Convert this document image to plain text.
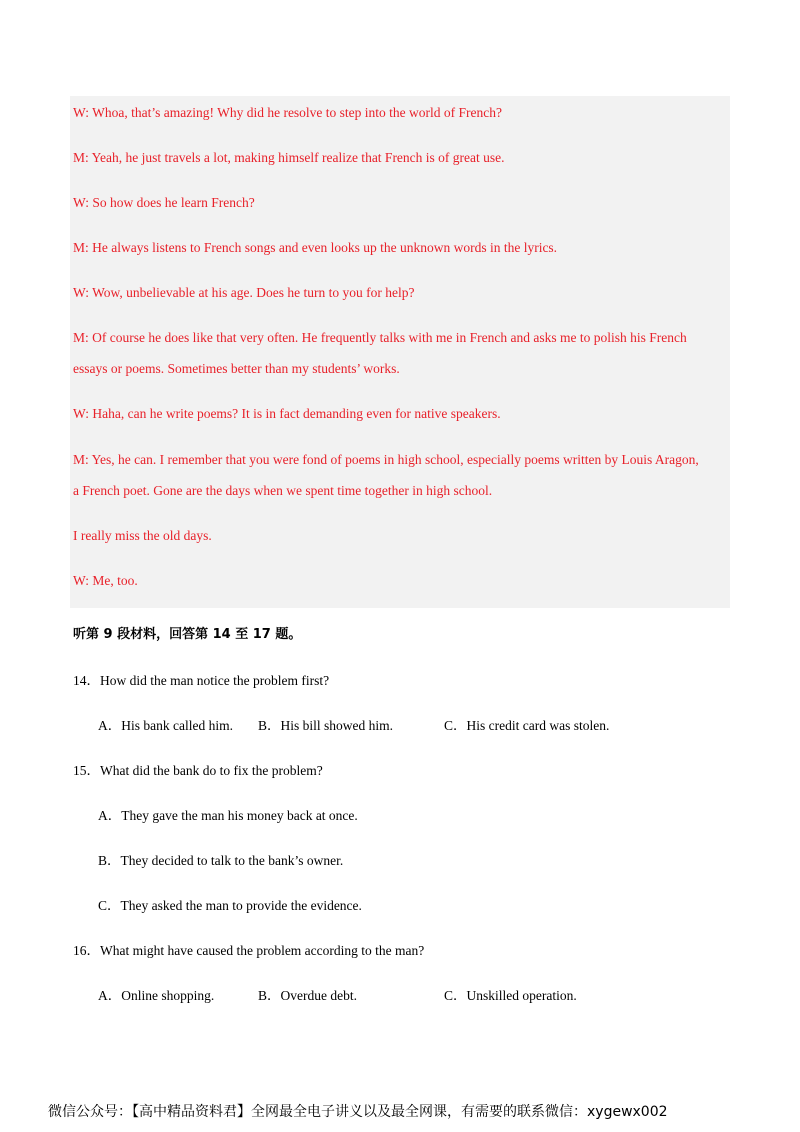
W: Whoa, that’s amazing! Why did he resolve to step into the world of French?
M: Yeah, he just travels a lot, making himself realize that French is of great use.
W: So how does he learn French?
M: He always listens to French songs and even looks up the unknown words in the lyrics.
W: Wow, unbelievable at his age. Does he turn to you for help?
M: Of course he does like that very often. He frequently talks with me in French and asks me to polish his French
essays or poems. Sometimes better than my students’ works.
W: Haha, can he write poems? It is in fact demanding even for native speakers.
M: Yes, he can. I remember that you were fond of poems in high school, especially poems written by Louis Aragon,
a French poet. Gone are the days when we spent time together in high school.
I really miss the old days.
W: Me, too.
听第 9 段材料，回答第 14 至 17 题。
14．How did the man notice the problem first?
A．His bank called him. B．His bill showed him.	C．His credit card was stolen.
15．What did the bank do to fix the problem?
A．They gave the man his money back at once.
B．They decided to talk to the bank’s owner.
C．They asked the man to provide the evidence.
16．What might have caused the problem according to the man?
A．Online shopping.	B．Overdue debt.	C．Unskilled operation.
微信公众号：【高中精品资料君】全网最全电子讲义以及最全网课，有需要的联系微信：xygewx002
